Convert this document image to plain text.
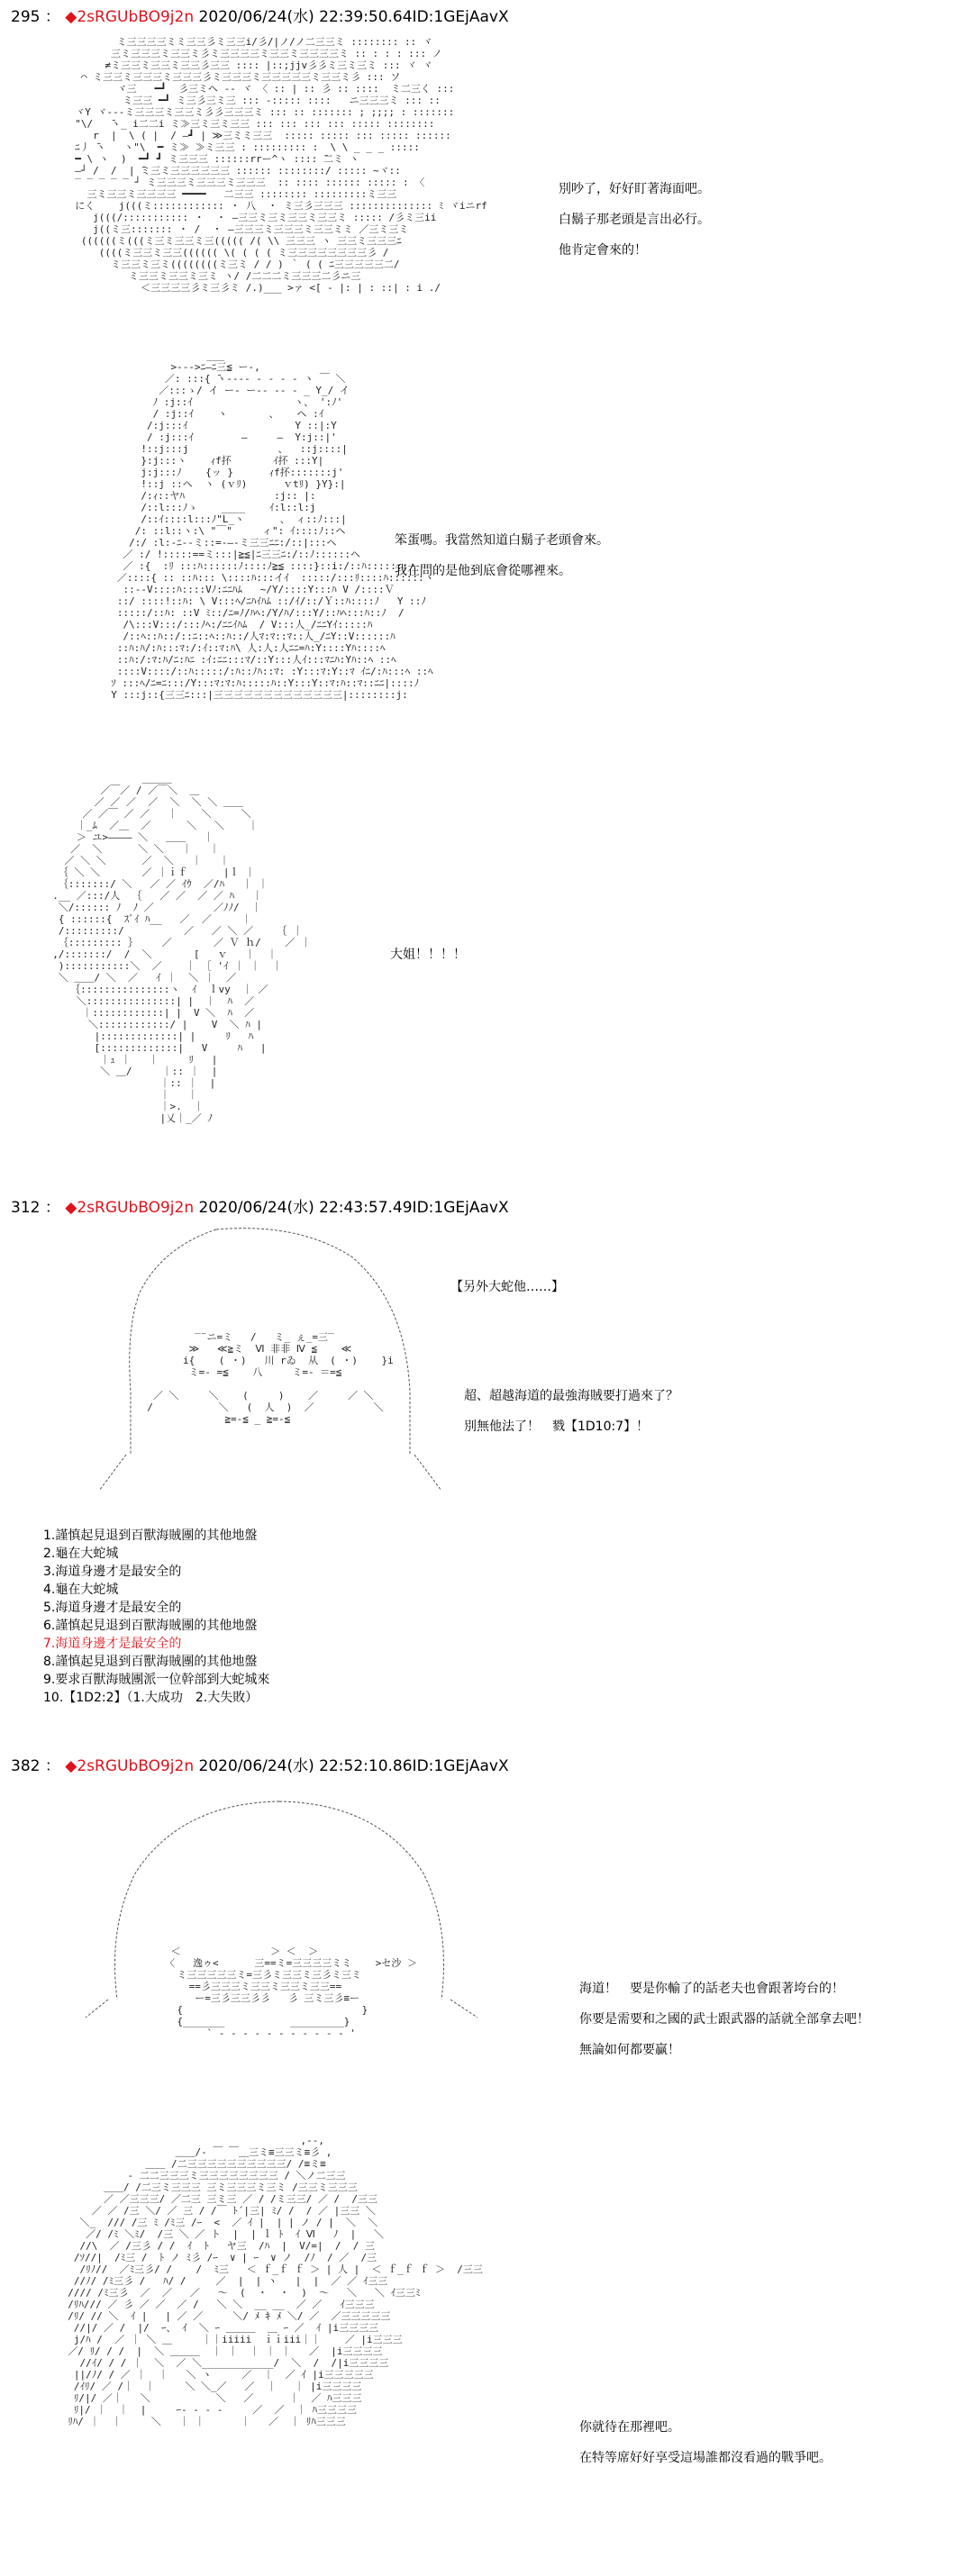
295 ： ◆2sRGUbBO9j2n 2020/06/24(水) 22:39:50.64ID:1GEjAavX
ミ三三三三ミミ三三彡ミ三三i/彡/|ノ/ノ二三三ミ :::::::: :: ヾ
三ミ三三三ミ三三ミ彡ミ三三三三ミ三三ミ三三三三ミ :: : : : ::: ノ
≠ミ三三ミ三三ミ三三彡三三 :::: |::;jjv彡彡ミ三ミ三ミ ::: ヾ ヾ
⌒ ミ三三ミ三三三ミ三三三彡ミ三三三ミ三三三三三ミ三三ミ彡 ::: ソ
ヾ三   ━┛  彡三ミヘ -- ヾ 〈 :: | :: 彡 :: ::::  ミ二三く :::
ミ三三 ━┛ ミ三彡三ミ三 ::: -::::: ::::   ニ三三三ミ ::: ::
ヾY ヾ---ミ三三三ミ三三ミ彡彡三三三ミ ::: :: ::::::: ; ;;;; : :::::::
"\/   ̄ヽ_ i二二i ミ≫三ミ三ミ三三 ::: ::: ::: ::: ::::: ::::::::
r  |  \ ( |  / ―┛ | ≫三ミミ三三  ::::: ::::: ::: ::::: ::::::
ﾆ丿 ̄ヽ   ヽ"\  ━ ミ≫ ≫ミ三三 : ::::::::: :  \ \ _ _ _ :::::
━ \ ヽ  )  ━┛ ┛ ミ三三三 ::::::rrー^ヽ :::: ̄二ミ ヽ
―┘ /  /  | ̄ミ三ミ三三三三三三 :::::: ::::::::/ ::::: ~ヾ::
‾ ‾ ‾ ‾ ‾ ┘ ミ三三三ミ三三三ミ三三三  :: :::: :::::: ::::: : 〈
三ミ三三ミ三三三三 ━━━━   二三三 :::::::: :::::::::ミ三三
にく    j(((ミ:::::::::::: ・ 八  ・ ミ三彡三三三 :::::::::::::: ﾐ ヾiニrf
j(((/::::::::::: ・  ・ ―三三ミ三ミ三三ミ三三ミ ::::: /彡ミ三ii
j((ミ三::::::: ・ /  ・ ―三三三ミ三三三ミ三三ミミ ／三ミ三ミ
((((((ミ(((ミ三ミ三三ミ三((((( /( \\ 三三三 ヽ 三三ミ三三三ﾆ
((((ミ三三ミ三三(((((( \( ( ( ( ミ三三三三三三三三彡 /
ミ三三ミ三ミ((((((((ミ三ミ / / ) ｀ ( ( ﾆ三三三三三二/
ミ三三ミ三三ミ三ミ ヽ/ /二二二ミ三三三二彡ニ三
＜三三三三彡ミ三彡ミ /.)___ >ァ <[ - |: | : ::| : i ./
別吵了，好好盯著海面吧。
白鬍子那老頭是言出必行。
他肯定會來的！
___
>‐‐‐>ﾆ―ﾆ三≦ ー-,
／: :::{ ̄ヽ---‐ ‐ ‐ ‐ ‐ ヽ ￣ ＼
／:::ゝ/ イ ー- ー-- -‐ ‐ _ Y_/ イ
ﾉ :j::ｲ                 ヽ、 ':ﾉ'
/ :j::ｲ    ヽ       、   ヘ :ｲ
/:j:::ｲ                  Y ::|:Y
/ :j:::ｲ        ―     ―  Y:j::|'
!::j:::j               、  ::j::::|
}:j:::ヽ    ｨf抔       ｲ抔 :::Y|
j:j:::ﾉ    {ッ }      ｨf抔:::::::j'
!::j ::ヘ  ヽ (ｖﾘ)      ｖtﾘ) }Y}:|
/:ｨ::ヤﾊ               :j:: |:
/::l:::ﾉゝ    ____    ｲ:l::l:j
/::ｲ::::l:::ﾉ"L_ヽ      、 ィ::ﾉ:::|
/: ::l::ヽ:\ "￣"     ィ": ｲ::::ﾉ::ヘ
/:/ :l:-ﾆ--ミ::=-―-ミ三三ﾆﾆ:/::|:::ヘ
／ :/ !:::::==ミ:::|≧≦|ﾆ三三ﾆ:/::ﾉ::::::ヘ
／ :{  :ﾘ :::ﾊ::::::ﾉ::::ﾉ≧≦ ::::}::i:/::ﾊ:::::::ヽ
／::::{ :: ::ﾊ::: \::::ﾊ:::イｲ  :::::/:::ﾘ::::ﾊ::::::ヽ
::‐-V::::ﾊ::::Vﾉ:ﾆﾆﾊﾑ   ~/Y/::::Y:::ﾊ V /::::Ｖ
::/ ::::!::ﾊ: \ V:::ﾍ/ﾆﾊｲﾊﾑ ::/ｲ/::/Ｙ::ﾊ::::ﾉ   Y ::ﾉ
:::::/::ﾊ: ::V ﾐ::/ﾆ=ﾉ/ﾊﾍ:/Y/ﾊ/:::Y/::ﾊﾍ:::ﾊ::ﾉ  /
/\:::V:::/:::ﾉﾍ:/ﾆﾆｲﾊﾑ  / V:::人_/ﾆﾆYｲ:::::ﾊ
/::ﾍ::ﾊ::/::ﾆ::ﾍ::ﾊ::/人ﾏ:ﾏ::ﾏ::人_/ﾆY::V::::::ﾊ
::ﾊ:ﾊ/:ﾊ:::ﾏ:/:ｲ::ﾏ:ﾊ\ 人:人:人ﾆﾆ=ﾊ:Y::::Yﾊ::::ﾍ
::ﾊ:/:ﾏ:ﾊ/ﾆ:ﾊﾆ :ｲ:ﾆﾆ:::ﾏ/::Y:::人ｲ:::ﾏﾆﾊ:Yﾊ::ﾍ ::ﾍ
::::V::::/::ﾊ:::::/:ﾊ::ﾉﾊ::ﾏ: :Y:::ﾏ:Y::ﾏ ｲﾆ/:ﾊ:::ﾍ ::ﾍ
ｿ :::ﾍ/ﾆ=ﾆ:::/Y:::ﾏ:ﾏ:ﾊ:::::ﾊ::Y:::Y::ﾏ:ﾊ::ﾏ::ﾆﾆ|::::ﾉ
Y :::j::{三三ﾆ:::|三三三三三三三三三三三三三|::::::::j:
笨蛋嗎。我當然知道白鬍子老頭會來。
我在問的是他到底會從哪裡來。
＿＿＿
／￣／ / ／￣＼  ＿
／ ／ ／  ／  ＼  ＼ ＼ ＿＿
／ ／￣ ／ ／   ｜    ＼     ＼
｜_ﾑ  ／＿  ／      ＼   ＼    ｜
＞ ユ>―――― ＼   ＿＿   ｜
／  ＼      ＼ ＼   ｜   ｜
／ ＼ ＼      ／  ＼   ｜   ｜
｛ ＼ ＼       ／ ｜ｉｆ      |ｌ ｜
｛:::::::/ ＼   ／ ／ ｲｳ  ／/ﾊ   ｜ ｜
.__ ／:::/人  ｛   ／ ／  ／ ／ ﾊ   ｜
＼/:::::: ﾉ  ﾉ ／          ／ﾉﾉ/  ｜
{ ::::::{  ｽﾞｲ ﾊ__   ／  ／     ｜
/:::::::::/          ／   ／ ＼ ／    ｛ ｜
｛::::::::: ｝    ／       ／ Ｖ ｈ/    ／ ｜
,/:::::::/  /  ＼       [   ｖ   ｜  ｜
):::::::::::＼  ／    ｜ ［ 'ｲ ｜ ｜  ｜
＼ ＿＿/ ＼  ／   ｲ ｜  ＼ ｜  ／
｛:::::::::::::::ヽ  ｲ  ｌvy  ｜ ／
＼:::::::::::::::| |  ｜  ﾊ  ／
｜::::::::::::| |  V ＼  ﾊ  ／
＼::::::::::::/ |    V  ＼ ﾊ |
|:::::::::::::| |     ﾘ   ﾊ
[:::::::::::::|   V     ﾊ   |
｜ｭ ｜   ｜     ﾘ   |
＼ ＿/     ｜:: ｜  |
｜:: ｜  |
｜   ｜
｜>.  ｜
|乂｜_／ ﾉ
大姐！！！！
312 ： ◆2sRGUbBO9j2n 2020/06/24(水) 22:43:57.49ID:1GEjAavX
‾¨ニ=ミ   /   ミ_ ぇ_=三‾
≫   ≪≧ミ  Ⅵ 非非 Ⅳ ≦    ≪
i{    ( ・)   川 rゐ  从  ( ・)    }i
ミ=‐ =≦    八     ミ=‐ ＝=≦

／ ＼     ＼    (     )    ／     ／ ＼
/           ＼   (  人  )  ／          ＼
≧=‐≦ _ ≧=‐≦
【另外大蛇他……】
超、超越海道的最強海賊要打過來了？
別無他法了！　戮【1D10:7】！
1.謹慎起見退到百獸海賊團的其他地盤
2.龜在大蛇城
3.海道身邊才是最安全的
4.龜在大蛇城
5.海道身邊才是最安全的
6.謹慎起見退到百獸海賊團的其他地盤
7.海道身邊才是最安全的
8.謹慎起見退到百獸海賊團的其他地盤
9.要求百獸海賊團派一位幹部到大蛇城來
10.【1D2:2】（1.大成功　2.大失敗）
382 ： ◆2sRGUbBO9j2n 2020/06/24(水) 22:52:10.86ID:1GEjAavX
＜               ＞ ＜  ＞
〈   逸ゥ<      三==ミ=三三三三ミミ    >セ沙 ＞
ミ三三三三三ミ=三彡ミ三三ミ三彡ミ三ミ
==彡三三三ミ三三ミ三三ミ三三==
ー=三彡三三彡彡   彡 三ミ三彡≡ー
{                              }
{_______           _________}
` ‐ ‐ ‐ ‐ ‐ ‐ ‐ ‐ ‐ ‐ ‐ '
海道！　要是你輸了的話老夫也會跟著垮台的！
你要是需要和之國的武士跟武器的話就全部拿去吧！
無論如何都要贏！
,‐‐,
＿＿/‐ ￣ ￣＿三ミ≡三三ミ≡彡 ,
＿＿ /二三三三三三三三三三三/ /≡ミ≡
‐ 二二三三三ミ三三三三三三三三 / ＼ノ二三三
＿＿/ /二三ミ三三三 三ミ三三三ミ三ミ /三三ミ三三三
／ ／三三三/ ／二三 三ミ三 ／ / /ミ三三/ ／ /  /三三
／ ／ /三 ＼/ ／ 三 / /￣ ﾄ´|三| ﾐ/ /  / ／ |三三 ＼
＼_  /// /三 ﾐ /ﾐ三 /ｰ  <  ／ ｲ |  | | ノ / |  ＼  ＼
／/ /ﾐ ＼ﾐ/  /三 ＼ ／ ト  |  | ｌ ﾄ  ｲ Ⅵ   ﾉ  |   ＼
//\  ／ /三彡 / /  ｲ  ﾄ   ヤ三  /ﾊ  |  V/=|  /  / 三
/ｿ//|  /ﾐ三 /  ﾄ ノ ﾐ彡 /ｰ  ∨ | ｰ  ∨ ノ  /ﾉ  / ／  /三
/ﾘﾉ//  ／ﾐ三彡/ /    /  ﾐ三   ＜ ｆ_ｆ ｆ ＞ | 人 |  ＜ ｆ_ｆ ｆ ＞  /三三
//ﾉ/ /ﾐ三彡 /   ﾊ/ /     ／  |  | ヽ   |  |  ／ ／ ｲ三三
//// /ﾐ三彡  ／  ／   ／   ～  (  ・  ・  )  ～   ＼   ＼ ｲ三三ﾐ
/ﾘﾊ/// ／ 彡 ／ ／  ／ /   ＼ ＼  __ __  ／ ／   ｲ三三三
/ﾘ/ // ＼  ｲ |   | ／ ／     ＼/ ﾒ ｷ ﾒ ＼/ ／  ／三三三三三
//|/ ／ /  |/  ｰ、 ｲ  ＼ ｰ ＿＿＿  ＿ ｰ ／  ｲ |i三三三三
j/ﾊ /  ／ ｜ ＼ ＿     ｜｜iiiii  ｉｉiii｜｜    ／ |i三三三
／/ ﾘ/ / /  |  ＼ ＿＿＿  ｜ ｜  ｜ ｜ ｜   ／  |i三三三三
//ｲ/ / / ｜  ＼  ／ ＼____________/  ＼  /  /|i三三三三
||/ﾉ/ / ／ ｜  ｜   ＼ ヽ     ／  ｜  ／ ｲ |i三三三三三
/ｲﾘ/ ／ /｜  ｜     ＼ ＼_／   ／  ｜   ｜ |i三三三三
ﾘ/|/ ／｜   ＼           ＼   ／      ｜  ／ ﾊ三三三
ﾘ|/ ｜  ｜  |     ｰ‐ ‐ ‐ ‐     ／  ／  ｜ ﾊ三三三三
ﾘﾊ/ ｜  ｜     ＼   ｜ ｜      ｜   ／  ｜ ﾘﾊ三三三	你就待在那裡吧。
在特等席好好享受這場誰都沒看過的戰爭吧。
